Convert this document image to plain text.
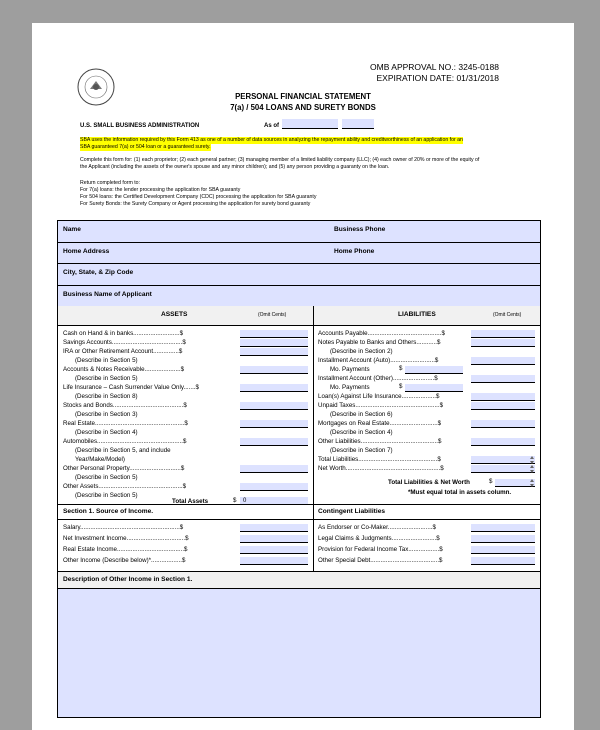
OMB APPROVAL NO.: 3245-0188
EXPIRATION DATE: 01/31/2018
PERSONAL FINANCIAL STATEMENT
7(a) / 504 LOANS AND SURETY BONDS
U.S. SMALL BUSINESS ADMINISTRATION	As of
SBA uses the information required by this Form 413 as one of a number of data sources in analyzing the repayment ability and creditworthiness of an application for an
SBA guaranteed 7(a) or 504 loan or a guaranteed surety.
Complete this form for: (1) each proprietor; (2) each general partner; (3) managing member of a limited liability company (LLC); (4) each owner of 20% or more of the equity of
the Applicant (including the assets of the owner's spouse and any minor children); and (5) any person providing a guaranty on the loan.
Return completed form to:
For 7(a) loans: the lender processing the application for SBA guaranty
For 504 loans: the Certified Development Company (CDC) processing the application for SBA guaranty
For Surety Bonds: the Surety Company or Agent processing the application for surety bond guaranty
Name	Business Phone
Home Address	Home Phone
City, State, & Zip Code
Business Name of Applicant
ASSETS	(Omit Cents)	LIABILITIES	(Omit Cents)
Cash on Hand & in banks...........................$
Savings Accounts.........................................$
IRA or Other Retirement Account...............$
(Describe in Section 5)
Accounts & Notes Receivable.....................$
(Describe in Section 5)
Life Insurance – Cash Surrender Value Only.......$
(Describe in Section 8)
Stocks and Bonds.........................................$
(Describe in Section 3)
Real Estate....................................................$
(Describe in Section 4)
Automobiles..................................................$
(Describe in Section 5, and include
Year/Make/Model)
Other Personal Property..............................$
(Describe in Section 5)
Other Assets.................................................$
(Describe in Section 5)
Total Assets	$	0
Accounts Payable...........................................$
Notes Payable to Banks and Others............$
(Describe in Section 2)
Installment Account (Auto)..........................$
Mo. Payments	$
Installment Account (Other)........................$
Mo. Payments	$
Loan(s) Against Life Insurance....................$
Unpaid Taxes.................................................$
(Describe in Section 6)
Mortgages on Real Estate............................$
(Describe in Section 4)
Other Liabilities.............................................$
(Describe in Section 7)
Total Liabilities..............................................$
Net Worth.......................................................$
Total Liabilities & Net Worth	$
*Must equal total in assets column.
Section 1. Source of Income.	Contingent Liabilities
Salary..........................................................$
Net Investment Income..................................$
Real Estate Income.......................................$
Other Income (Describe below)*..................$
As Endorser or Co-Maker..........................$
Legal Claims & Judgments..........................$
Provision for Federal Income Tax..................$
Other Special Debt........................................$
Description of Other Income in Section 1.
